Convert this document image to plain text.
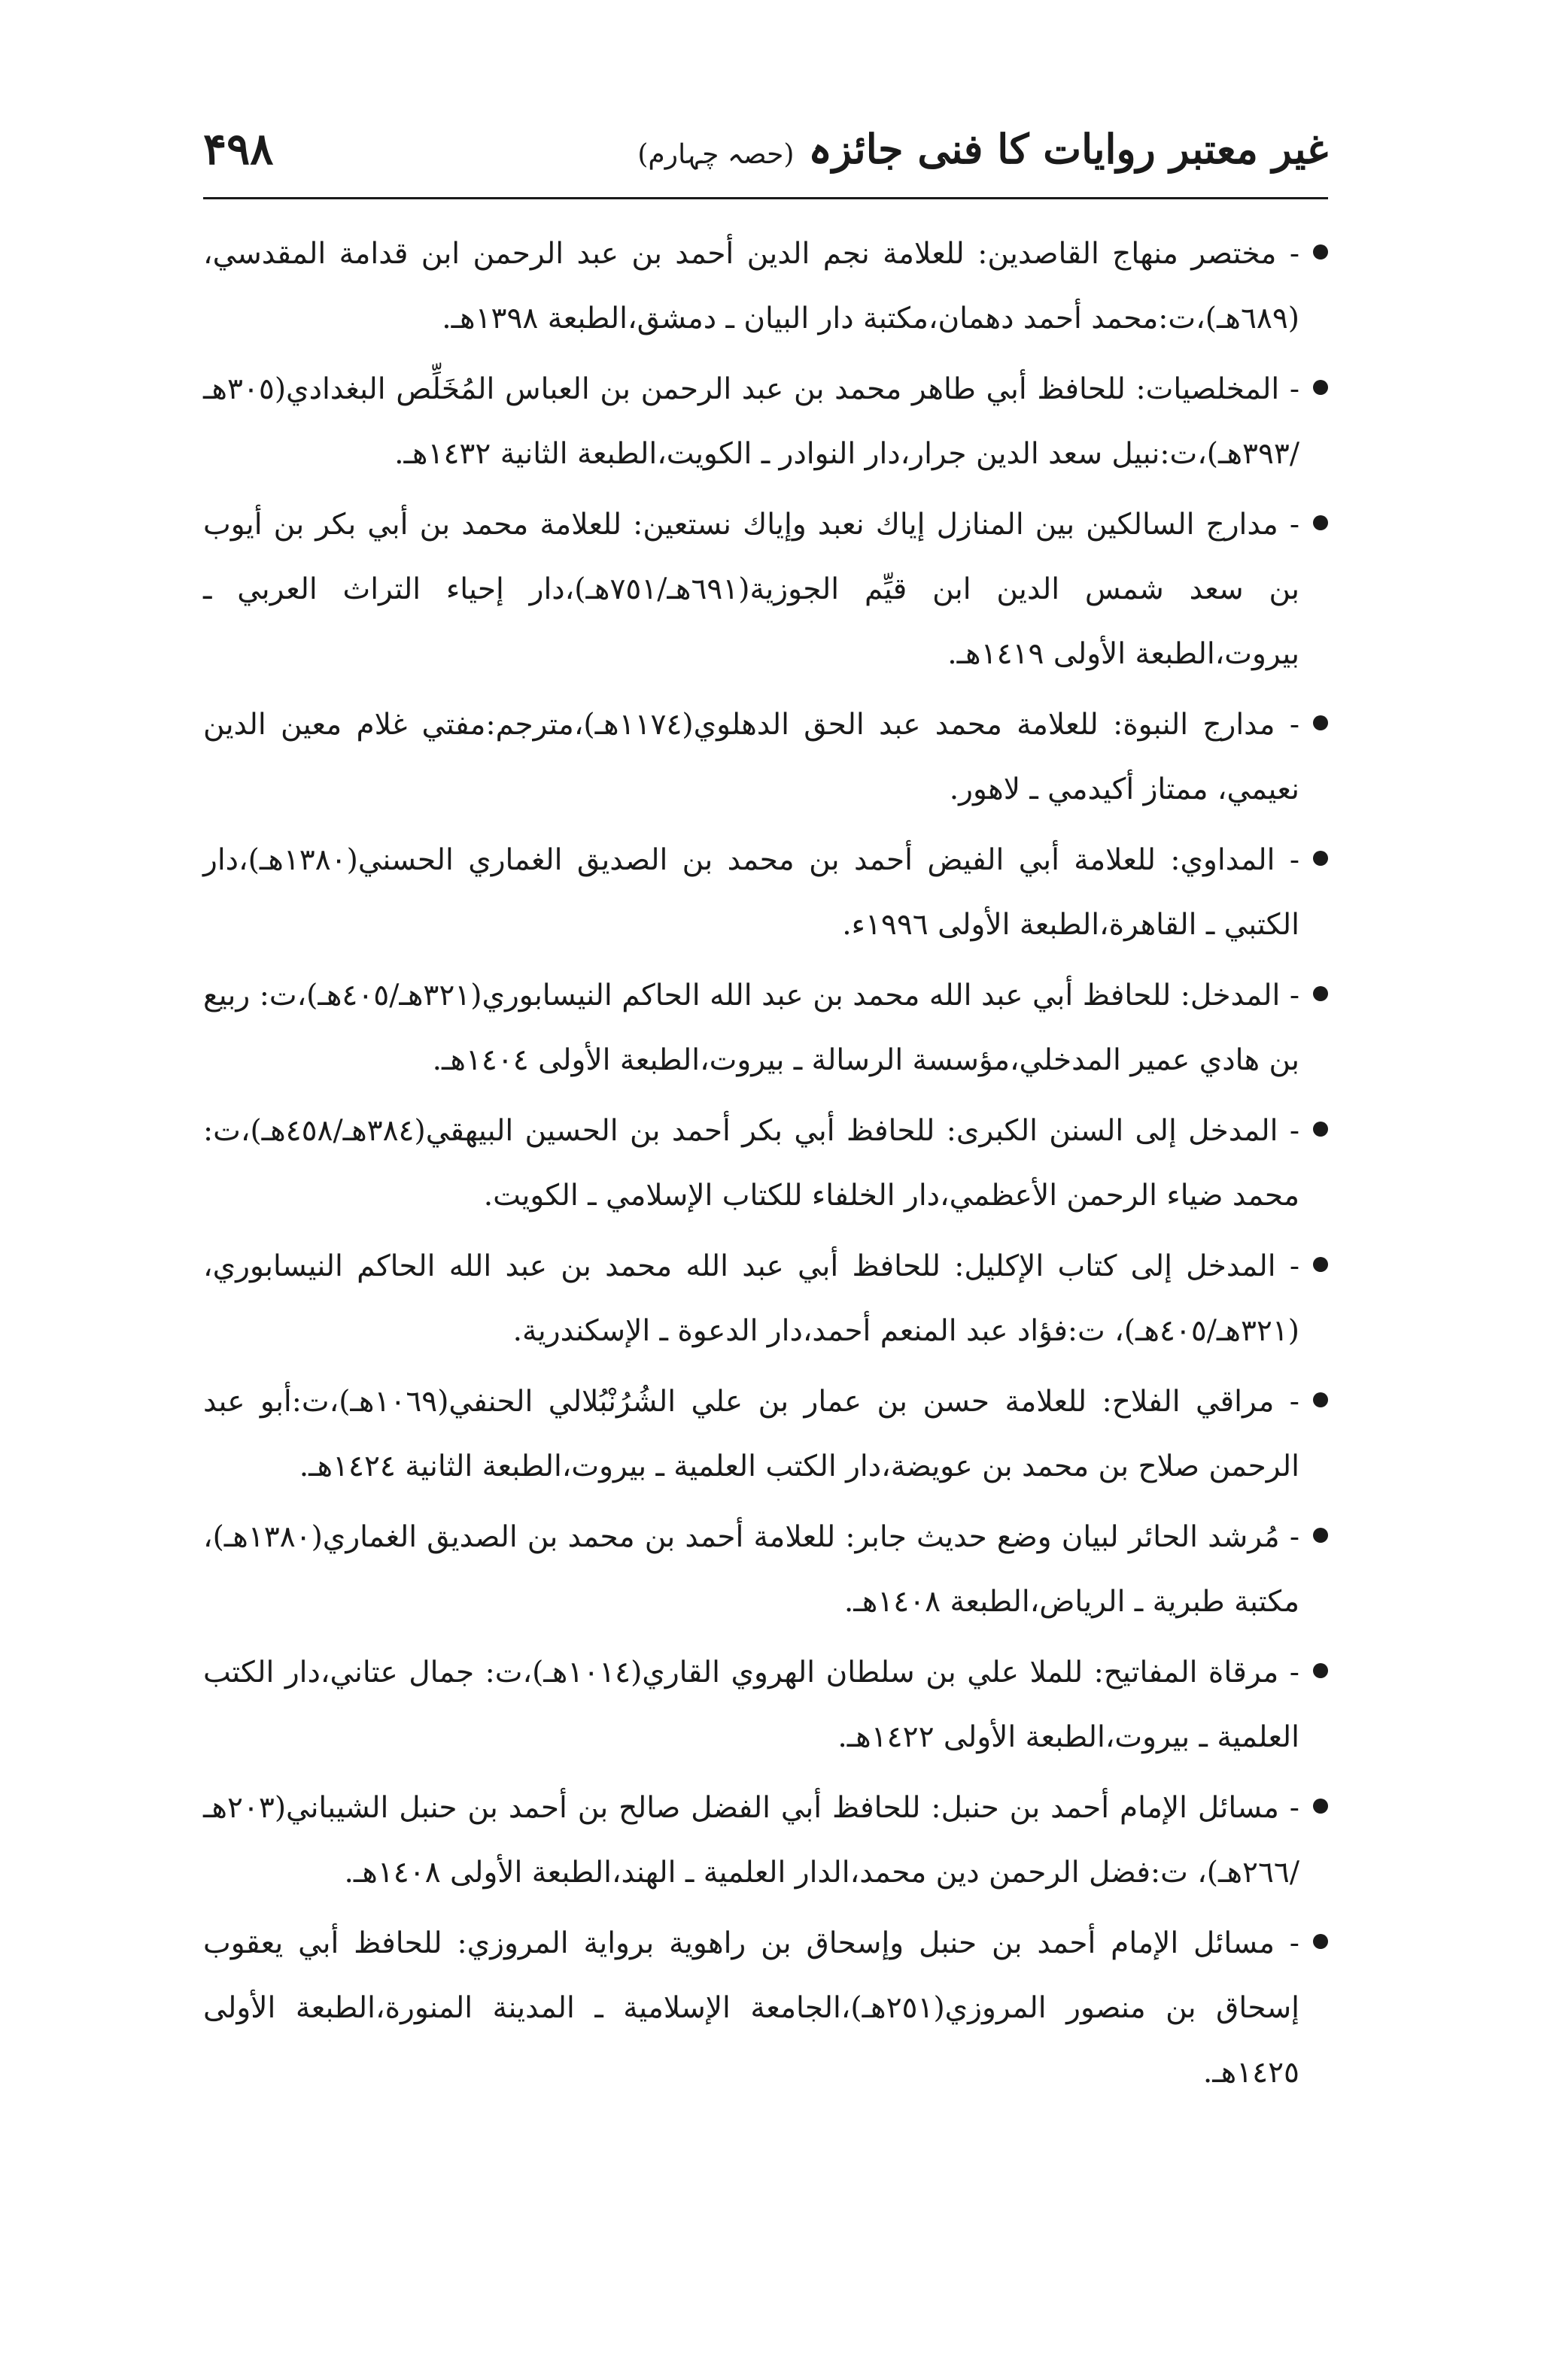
غیر معتبر روایات کا فنی جائزہ (حصہ چہارم)
۴۹۸
- مختصر منهاج القاصدين: للعلامة نجم الدين أحمد بن عبد الرحمن ابن قدامة المقدسي، (٦٨٩هـ)،ت:محمد أحمد دهمان،مكتبة دار البيان ـ دمشق،الطبعة ١٣٩٨هـ.
- المخلصيات: للحافظ أبي طاهر محمد بن عبد الرحمن بن العباس المُخَلِّص البغدادي(٣٠٥هـ /٣٩٣هـ)،ت:نبيل سعد الدين جرار،دار النوادر ـ الكويت،الطبعة الثانية ١٤٣٢هـ.
- مدارج السالكين بين المنازل إياك نعبد وإياك نستعين: للعلامة محمد بن أبي بكر بن أيوب بن سعد شمس الدين ابن قيِّم الجوزية(٦٩١هـ/٧٥١هـ)،دار إحياء التراث العربي ـ بيروت،الطبعة الأولى ١٤١٩هـ.
- مدارج النبوة: للعلامة محمد عبد الحق الدهلوي(١١٧٤هـ)،مترجم:مفتي غلام معين الدين نعيمي، ممتاز أكيدمي ـ لاهور.
- المداوي: للعلامة أبي الفيض أحمد بن محمد بن الصديق الغماري الحسني(١٣٨٠هـ)،دار الكتبي ـ القاهرة،الطبعة الأولى ١٩٩٦ء.
- المدخل: للحافظ أبي عبد الله محمد بن عبد الله الحاكم النيسابوري(٣٢١هـ/٤٠٥هـ)،ت: ربيع بن هادي عمير المدخلي،مؤسسة الرسالة ـ بيروت،الطبعة الأولى ١٤٠٤هـ.
- المدخل إلى السنن الكبرى: للحافظ أبي بكر أحمد بن الحسين البيهقي(٣٨٤هـ/٤٥٨هـ)،ت: محمد ضياء الرحمن الأعظمي،دار الخلفاء للكتاب الإسلامي ـ الكويت.
- المدخل إلى كتاب الإكليل: للحافظ أبي عبد الله محمد بن عبد الله الحاكم النيسابوري،(٣٢١هـ/٤٠٥هـ)، ت:فؤاد عبد المنعم أحمد،دار الدعوة ـ الإسكندرية.
- مراقي الفلاح: للعلامة حسن بن عمار بن علي الشُرُنْبُلالي الحنفي(١٠٦٩هـ)،ت:أبو عبد الرحمن صلاح بن محمد بن عويضة،دار الكتب العلمية ـ بيروت،الطبعة الثانية ١٤٢٤هـ.
- مُرشد الحائر لبيان وضع حديث جابر: للعلامة أحمد بن محمد بن الصديق الغماري(١٣٨٠هـ)، مكتبة طبرية ـ الرياض،الطبعة ١٤٠٨هـ.
- مرقاة المفاتيح: للملا علي بن سلطان الهروي القاري(١٠١٤هـ)،ت: جمال عتاني،دار الكتب العلمية ـ بيروت،الطبعة الأولى ١٤٢٢هـ.
- مسائل الإمام أحمد بن حنبل: للحافظ أبي الفضل صالح بن أحمد بن حنبل الشيباني(٢٠٣هـ /٢٦٦هـ)، ت:فضل الرحمن دين محمد،الدار العلمية ـ الهند،الطبعة الأولى ١٤٠٨هـ.
- مسائل الإمام أحمد بن حنبل وإسحاق بن راهوية برواية المروزي: للحافظ أبي يعقوب إسحاق بن منصور المروزي(٢٥١هـ)،الجامعة الإسلامية ـ المدينة المنورة،الطبعة الأولى ١٤٢٥هـ.
